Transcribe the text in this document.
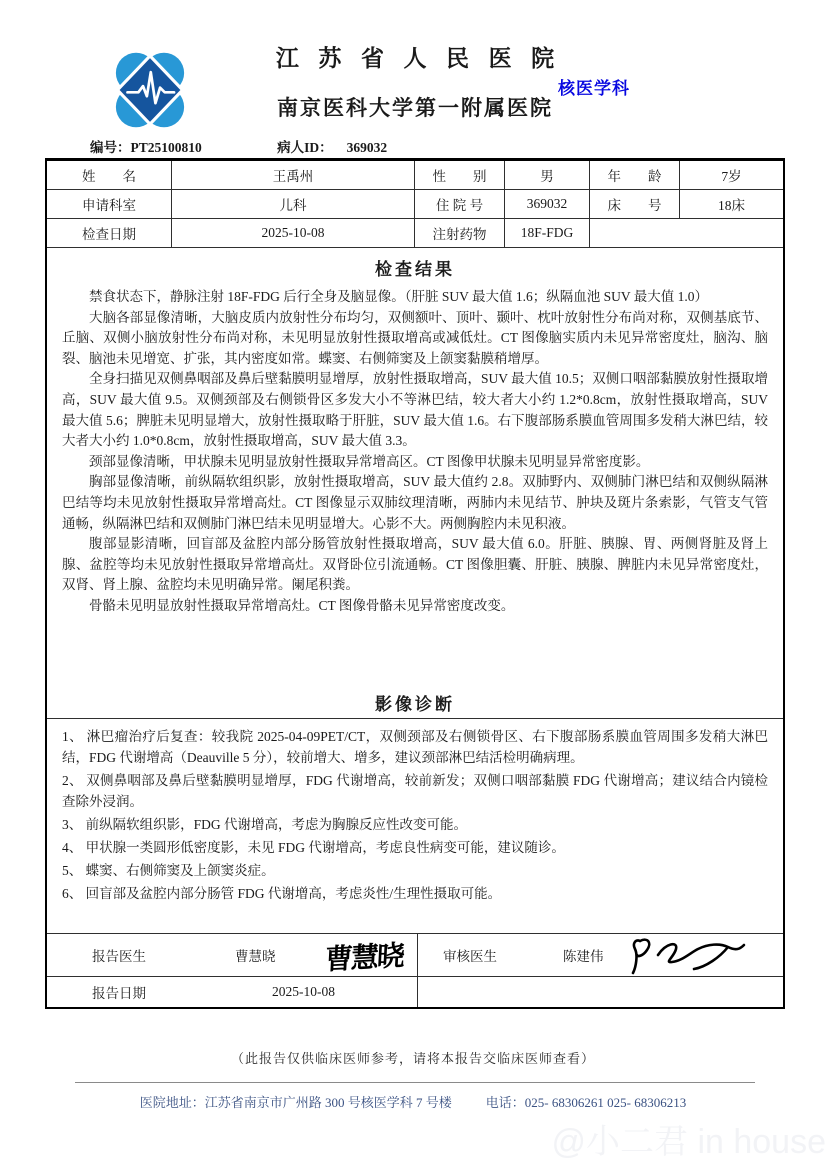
江苏省人民医院
核医学科
南京医科大学第一附属医院
编号：PT25100810	病人ID： 369032
姓　　名	王禹州	性　　别	男	年　　龄	7岁
申请科室	儿科	住 院 号	369032	床　　号	18床
检查日期	2025-10-08	注射药物	18F-FDG
检查结果

禁食状态下，静脉注射 18F-FDG 后行全身及脑显像。（肝脏 SUV 最大值 1.6；纵隔血池 SUV 最大值 1.0）

大脑各部显像清晰，大脑皮质内放射性分布均匀，双侧额叶、顶叶、颞叶、枕叶放射性分布尚对称，双侧基底节、丘脑、双侧小脑放射性分布尚对称，未见明显放射性摄取增高或减低灶。CT 图像脑实质内未见异常密度灶，脑沟、脑裂、脑池未见增宽、扩张，其内密度如常。蝶窦、右侧筛窦及上颌窦黏膜稍增厚。

全身扫描见双侧鼻咽部及鼻后壁黏膜明显增厚，放射性摄取增高，SUV 最大值 10.5；双侧口咽部黏膜放射性摄取增高，SUV 最大值 9.5。双侧颈部及右侧锁骨区多发大小不等淋巴结，较大者大小约 1.2*0.8cm，放射性摄取增高，SUV 最大值 5.6；脾脏未见明显增大，放射性摄取略于肝脏，SUV 最大值 1.6。右下腹部肠系膜血管周围多发稍大淋巴结，较大者大小约 1.0*0.8cm，放射性摄取增高，SUV 最大值 3.3。

颈部显像清晰，甲状腺未见明显放射性摄取异常增高区。CT 图像甲状腺未见明显异常密度影。

胸部显像清晰，前纵隔软组织影，放射性摄取增高，SUV 最大值约 2.8。双肺野内、双侧肺门淋巴结和双侧纵隔淋巴结等均未见放射性摄取异常增高灶。CT 图像显示双肺纹理清晰，两肺内未见结节、肿块及斑片条索影，气管支气管通畅，纵隔淋巴结和双侧肺门淋巴结未见明显增大。心影不大。两侧胸腔内未见积液。

腹部显影清晰，回盲部及盆腔内部分肠管放射性摄取增高，SUV 最大值 6.0。肝脏、胰腺、胃、两侧肾脏及肾上腺、盆腔等均未见放射性摄取异常增高灶。双肾卧位引流通畅。CT 图像胆囊、肝脏、胰腺、脾脏内未见异常密度灶，双肾、肾上腺、盆腔均未见明确异常。阑尾积粪。

骨骼未见明显放射性摄取异常增高灶。CT 图像骨骼未见异常密度改变。

影像诊断

1、 淋巴瘤治疗后复查：较我院 2025-04-09PET/CT，双侧颈部及右侧锁骨区、右下腹部肠系膜血管周围多发稍大淋巴结，FDG 代谢增高（Deauville 5 分），较前增大、增多，建议颈部淋巴结活检明确病理。

2、 双侧鼻咽部及鼻后壁黏膜明显增厚，FDG 代谢增高，较前新发；双侧口咽部黏膜 FDG 代谢增高；建议结合内镜检查除外浸润。

3、 前纵隔软组织影，FDG 代谢增高，考虑为胸腺反应性改变可能。

4、 甲状腺一类圆形低密度影，未见 FDG 代谢增高，考虑良性病变可能，建议随诊。

5、 蝶窦、右侧筛窦及上颌窦炎症。

6、 回盲部及盆腔内部分肠管 FDG 代谢增高，考虑炎性/生理性摄取可能。

报告医生	曹慧晓 曹慧晓	审核医生	陈建伟
报告日期	2025-10-08
（此报告仅供临床医师参考，请将本报告交临床医师查看）
医院地址：江苏省南京市广州路 300 号核医学科 7 号楼	电话：025- 68306261 025- 68306213
@小二君 in house
